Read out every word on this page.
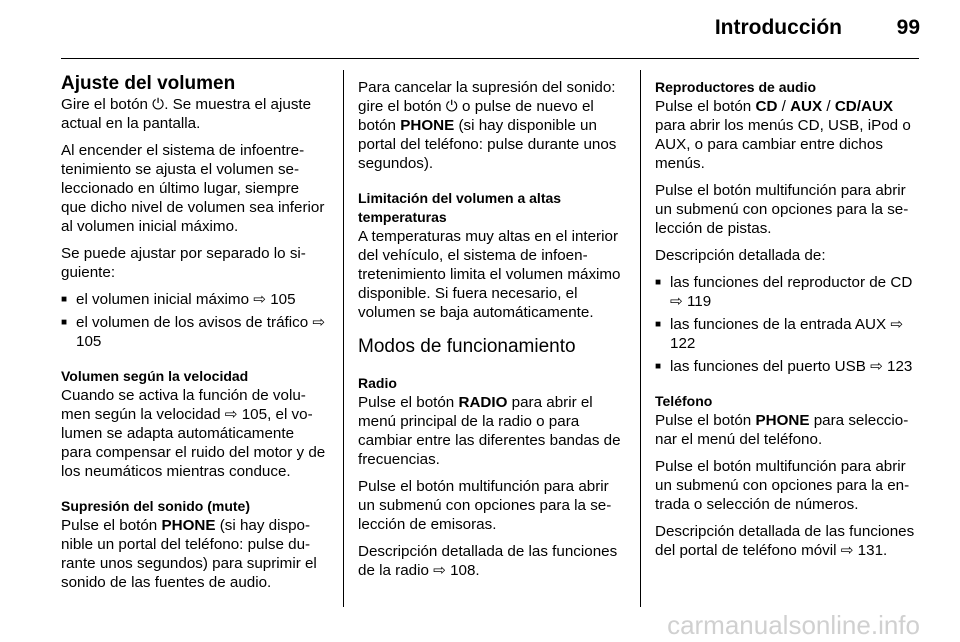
Introducción	99
Ajuste del volumen

Gire el botón ⏻. Se muestra el ajuste actual en la pantalla.

Al encender el sistema de infoentretenimiento se ajusta el volumen seleccionado en último lugar, siempre que dicho nivel de volumen sea inferior al volumen inicial máximo.

Se puede ajustar por separado lo siguiente:

■ el volumen inicial máximo ⇨ 105
■ el volumen de los avisos de tráfico ⇨ 105
Volumen según la velocidad

Cuando se activa la función de volumen según la velocidad ⇨ 105, el volumen se adapta automáticamente para compensar el ruido del motor y de los neumáticos mientras conduce.

Supresión del sonido (mute)

Pulse el botón PHONE (si hay disponible un portal del teléfono: pulse durante unos segundos) para suprimir el sonido de las fuentes de audio.

Para cancelar la supresión del sonido: gire el botón ⏻ o pulse de nuevo el botón PHONE (si hay disponible un portal del teléfono: pulse durante unos segundos).

Limitación del volumen a altas temperaturas

A temperaturas muy altas en el interior del vehículo, el sistema de infoentretenimiento limita el volumen máximo disponible. Si fuera necesario, el volumen se baja automáticamente.

Modos de funcionamiento
Radio

Pulse el botón RADIO para abrir el menú principal de la radio o para cambiar entre las diferentes bandas de frecuencias.

Pulse el botón multifunción para abrir un submenú con opciones para la selección de emisoras.

Descripción detallada de las funciones de la radio ⇨ 108.

Reproductores de audio

Pulse el botón CD / AUX / CD/AUX para abrir los menús CD, USB, iPod o AUX, o para cambiar entre dichos menús.

Pulse el botón multifunción para abrir un submenú con opciones para la selección de pistas.

Descripción detallada de:

■ las funciones del reproductor de CD ⇨ 119
■ las funciones de la entrada AUX ⇨ 122
■ las funciones del puerto USB ⇨ 123
Teléfono

Pulse el botón PHONE para seleccionar el menú del teléfono.

Pulse el botón multifunción para abrir un submenú con opciones para la entrada o selección de números.

Descripción detallada de las funciones del portal de teléfono móvil ⇨ 131.

carmanualsonline.info
